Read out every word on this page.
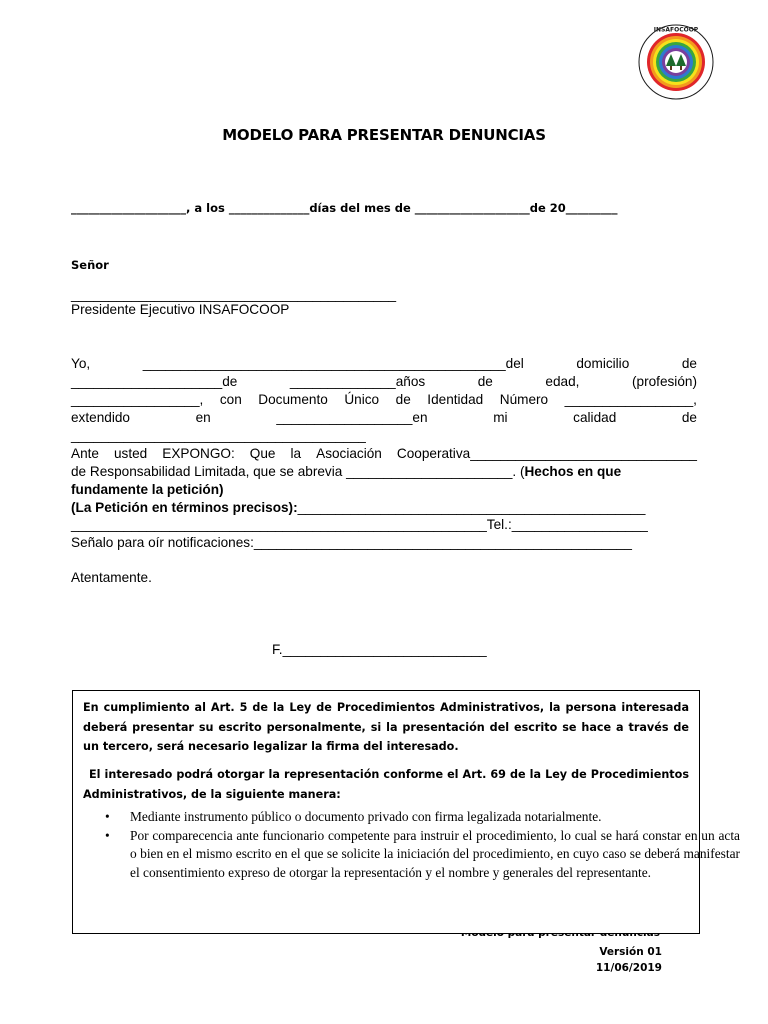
INSAFOCOOP
MODELO PARA PRESENTAR DENUNCIAS
____________________, a los ______________días del mes de ____________________de 20_________
Señor
___________________________________________
Presidente Ejecutivo INSAFOCOOP
Yo,	________________________________________________del	domicilio	de
____________________de	______________años	de	edad,	(profesión)
_________________, con Documento Único de Identidad Número _________________,
extendido	en	__________________en	mi	calidad	de
_______________________________________
Ante usted EXPONGO: Que la Asociación Cooperativa______________________________
de Responsabilidad Limitada, que se abrevia ______________________. (Hechos en que
fundamente la petición)
(La Petición en términos precisos):______________________________________________
_______________________________________________________Tel.:__________________
Señalo para oír notificaciones:__________________________________________________
Atentamente.
F.___________________________
Versión 01
11/06/2019
En cumplimiento al Art. 5 de la Ley de Procedimientos Administrativos, la persona interesada deberá presentar su escrito personalmente, si la presentación del escrito se hace a través de un tercero, será necesario legalizar la firma del interesado.
El interesado podrá otorgar la representación conforme el Art. 69 de la Ley de Procedimientos Administrativos, de la siguiente manera:
• Mediante instrumento público o documento privado con firma legalizada notarialmente.
• Por comparecencia ante funcionario competente para instruir el procedimiento, lo cual se hará constar en un acta o bien en el mismo escrito en el que se solicite la iniciación del procedimiento, en cuyo caso se deberá manifestar el consentimiento expreso de otorgar la representación y el nombre y generales del representante.
